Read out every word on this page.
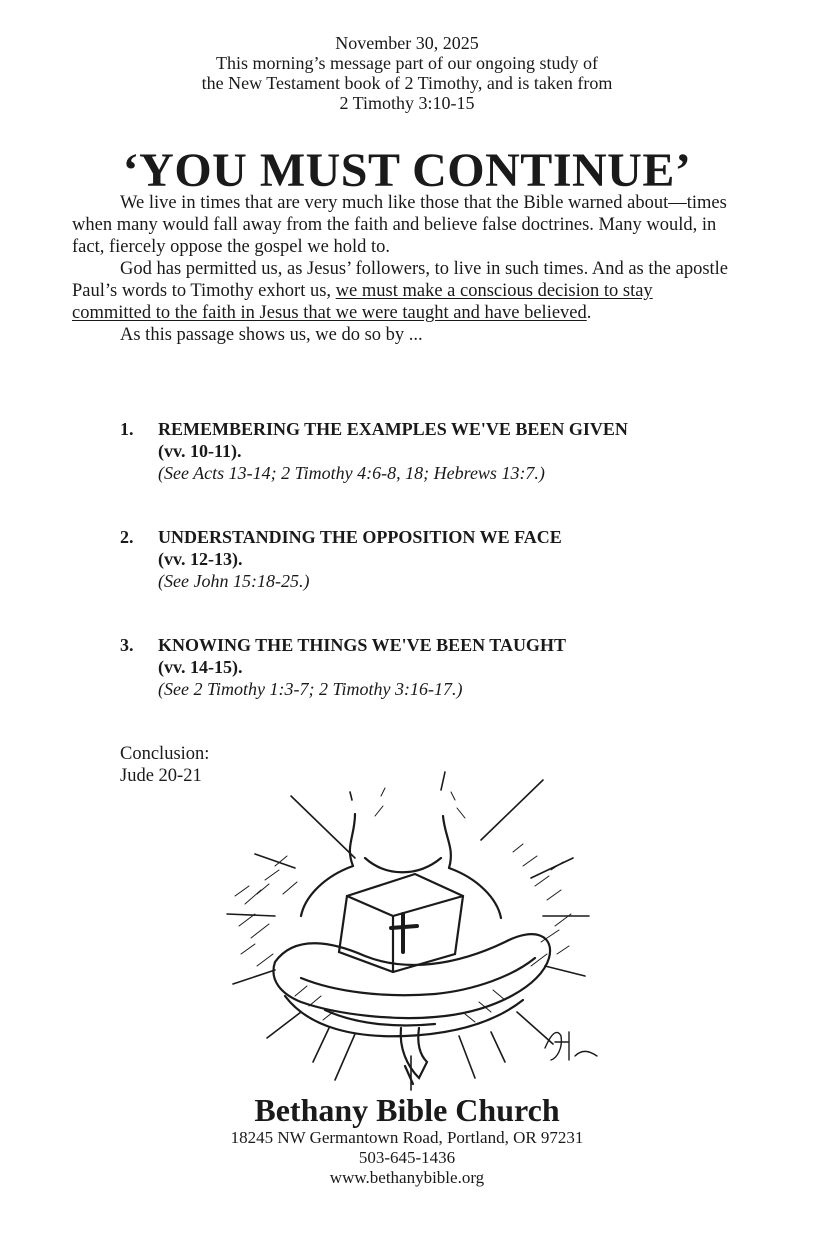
November 30, 2025
This morning’s message part of our ongoing study of
the New Testament book of 2 Timothy, and is taken from
2 Timothy 3:10-15
‘YOU MUST CONTINUE’

We live in times that are very much like those that the Bible warned about—times when many would fall away from the faith and believe false doctrines. Many would, in fact, fiercely oppose the gospel we hold to.

God has permitted us, as Jesus’ followers, to live in such times. And as the apostle Paul’s words to Timothy exhort us, we must make a conscious decision to stay committed to the faith in Jesus that we were taught and have believed.

As this passage shows us, we do so by ...

1. REMEMBERING THE EXAMPLES WE'VE BEEN GIVEN
(vv. 10-11).
(See Acts 13-14; 2 Timothy 4:6-8, 18; Hebrews 13:7.)
2. UNDERSTANDING THE OPPOSITION WE FACE
(vv. 12-13).
(See John 15:18-25.)
3. KNOWING THE THINGS WE'VE BEEN TAUGHT
(vv. 14-15).
(See 2 Timothy 1:3-7; 2 Timothy 3:16-17.)
Conclusion:
Jude 20-21
Bethany Bible Church
18245 NW Germantown Road, Portland, OR 97231
503-645-1436
www.bethanybible.org
